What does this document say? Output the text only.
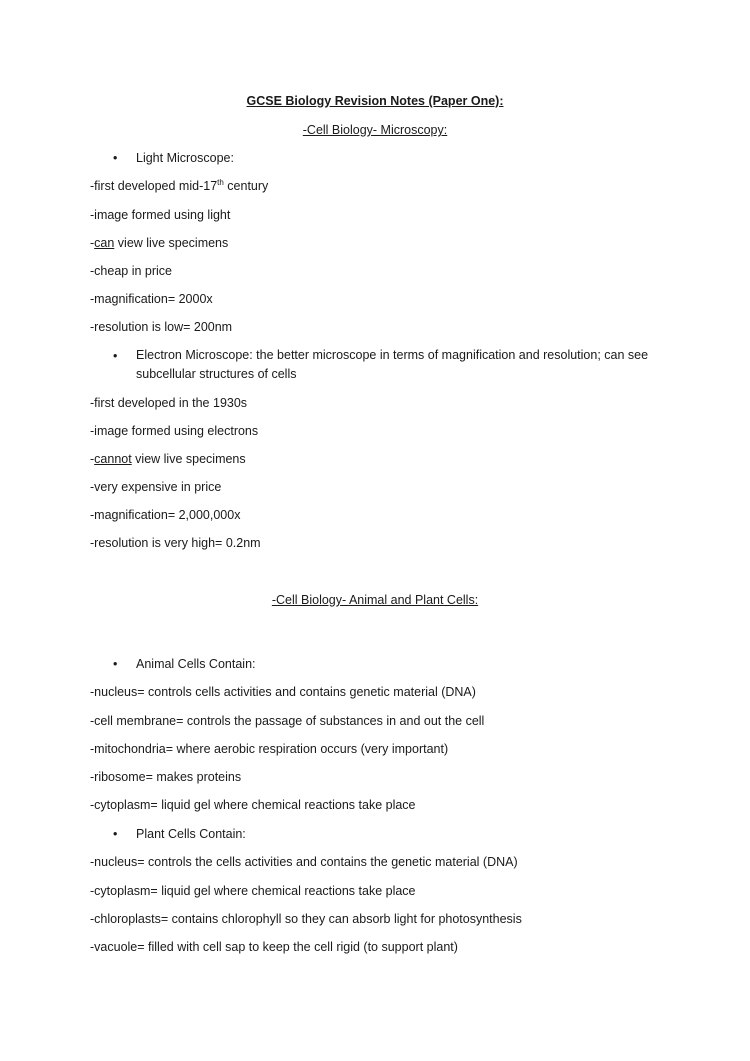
GCSE Biology Revision Notes (Paper One):
-Cell Biology- Microscopy:
• Light Microscope:
-first developed mid-17th century
-image formed using light
-can view live specimens
-cheap in price
-magnification= 2000x
-resolution is low= 200nm
• Electron Microscope: the better microscope in terms of magnification and resolution; can see subcellular structures of cells
-first developed in the 1930s
-image formed using electrons
-cannot view live specimens
-very expensive in price
-magnification= 2,000,000x
-resolution is very high= 0.2nm
-Cell Biology- Animal and Plant Cells:
• Animal Cells Contain:
-nucleus= controls cells activities and contains genetic material (DNA)
-cell membrane= controls the passage of substances in and out the cell
-mitochondria= where aerobic respiration occurs (very important)
-ribosome= makes proteins
-cytoplasm= liquid gel where chemical reactions take place
• Plant Cells Contain:
-nucleus= controls the cells activities and contains the genetic material (DNA)
-cytoplasm= liquid gel where chemical reactions take place
-chloroplasts= contains chlorophyll so they can absorb light for photosynthesis
-vacuole= filled with cell sap to keep the cell rigid (to support plant)
